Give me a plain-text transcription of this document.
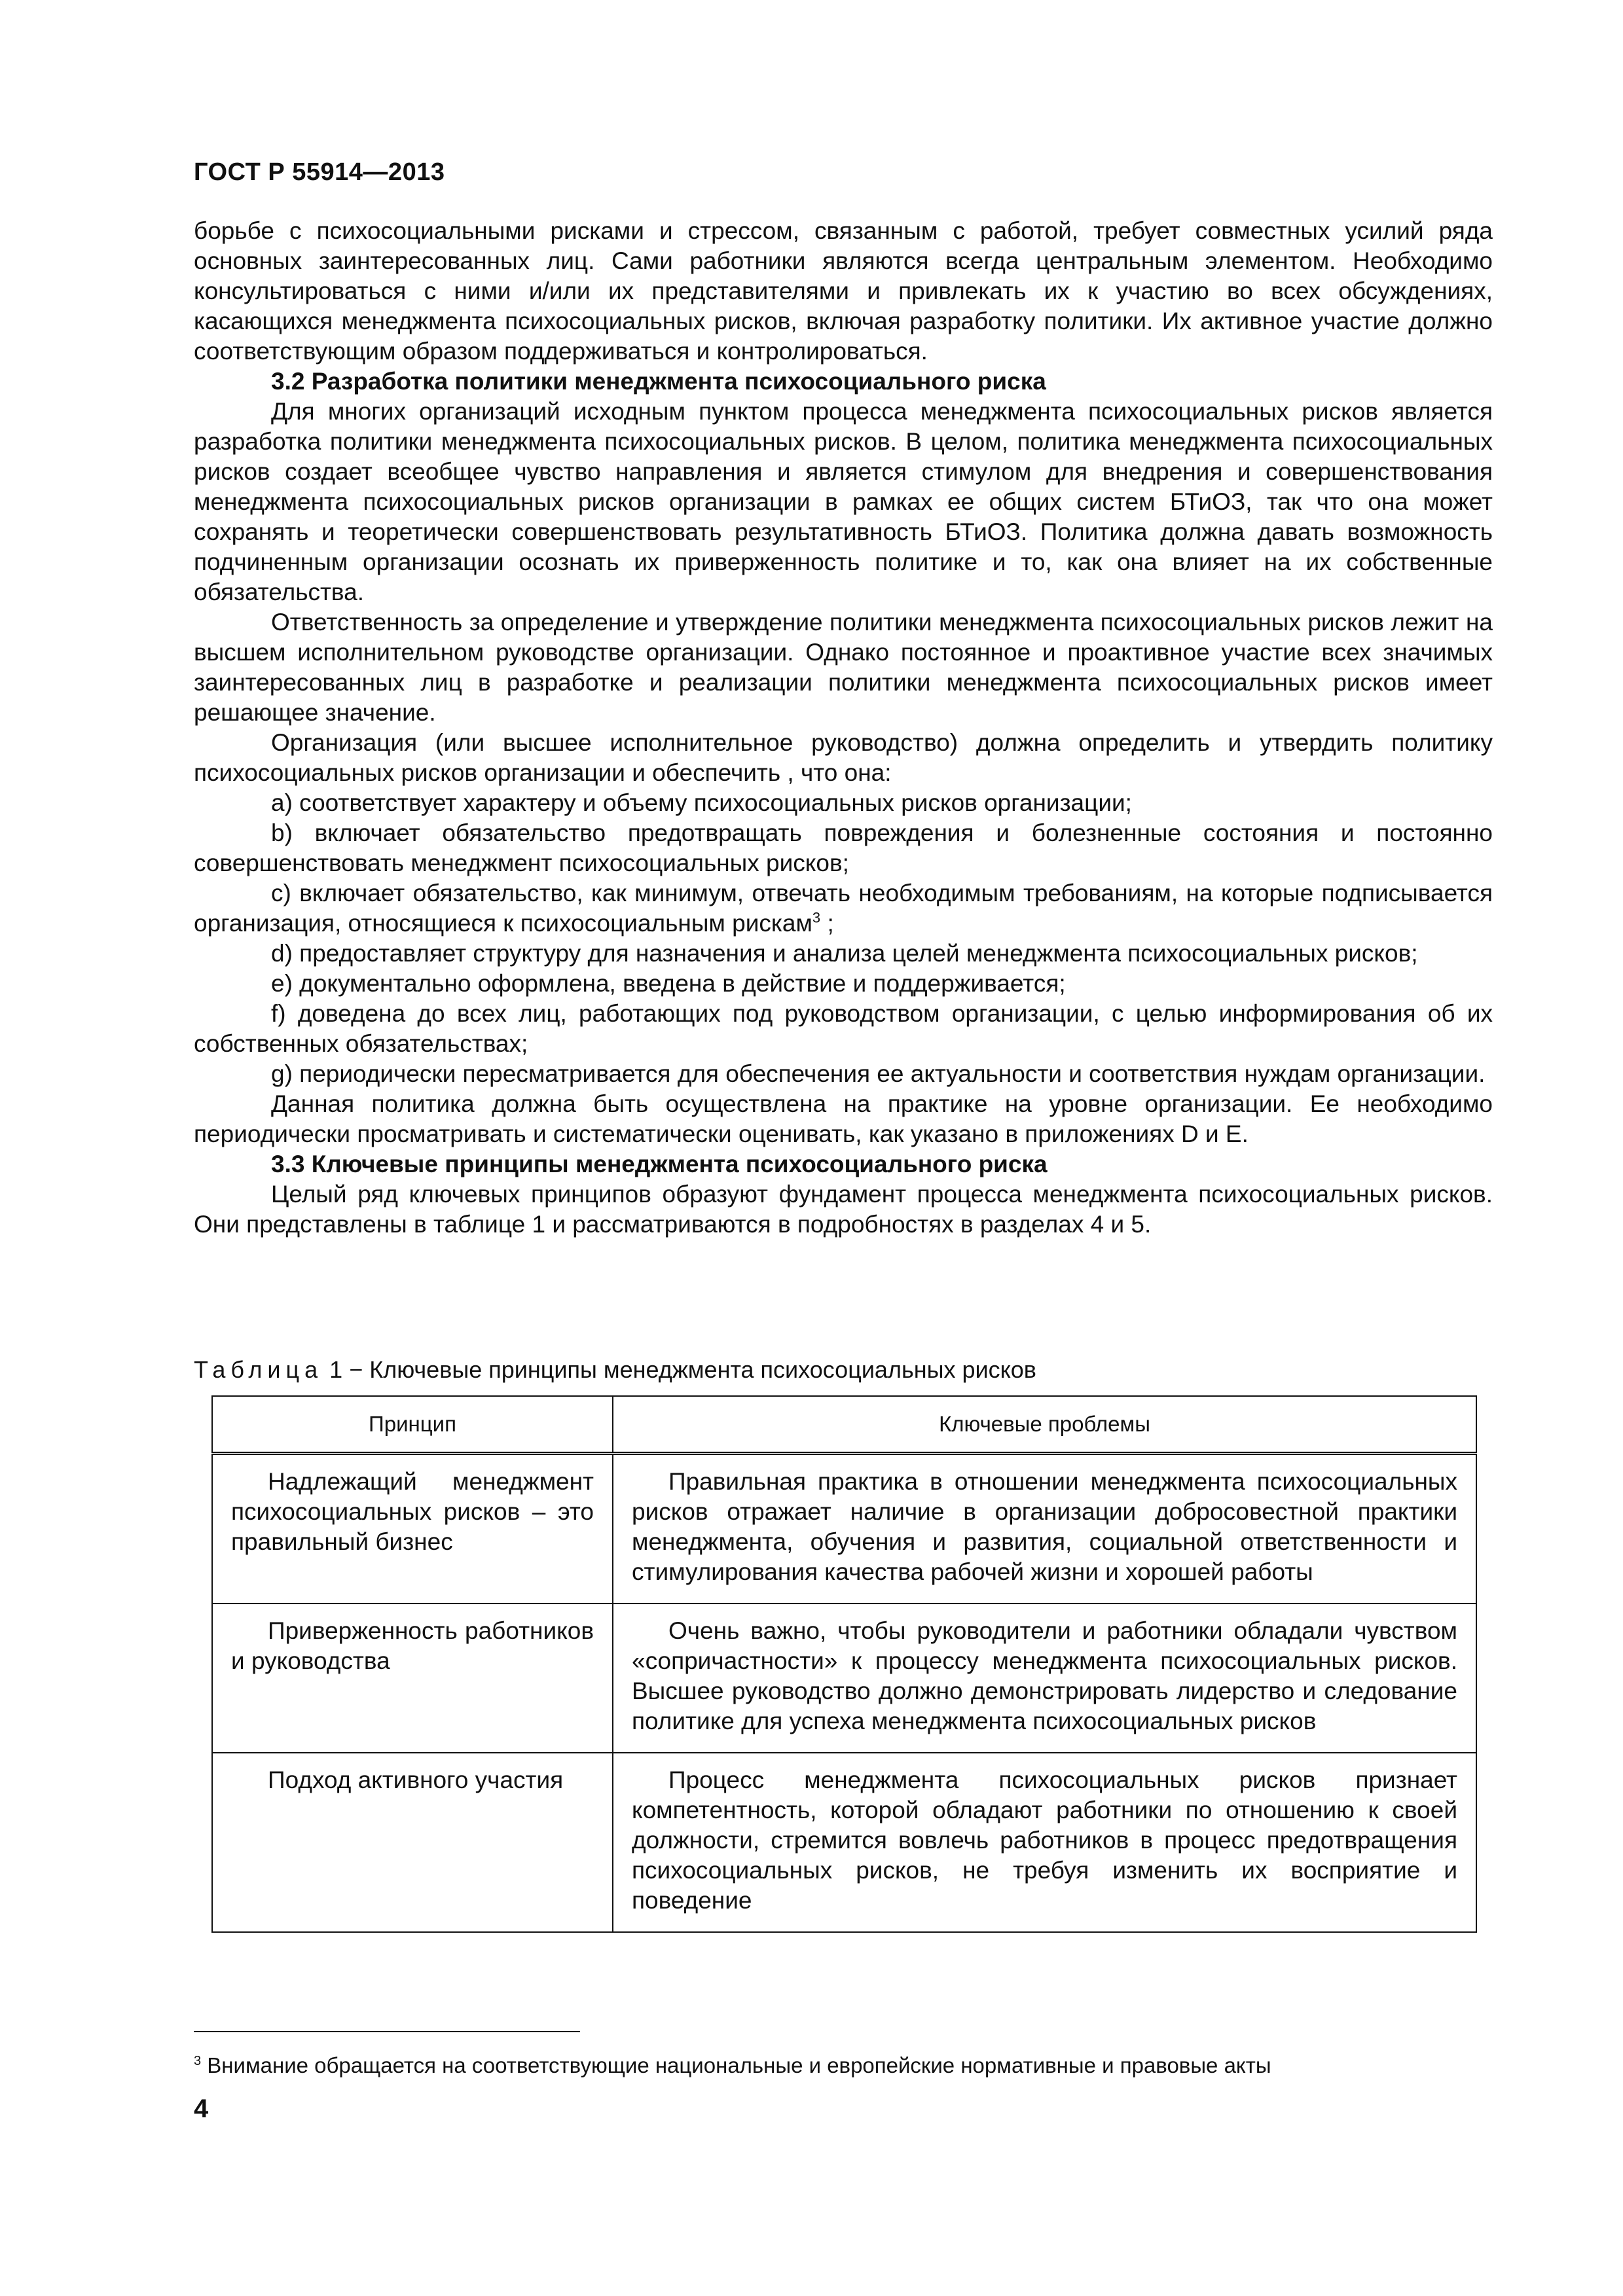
ГОСТ Р 55914—2013

борьбе с психосоциальными рисками и стрессом, связанным с работой, требует совместных усилий ряда основных заинтересованных лиц. Сами работники являются всегда центральным элементом. Необходимо консультироваться с ними и/или их представителями и привлекать их к участию во всех обсуждениях, касающихся менеджмента психосоциальных рисков, включая разработку политики. Их активное участие должно соответствующим образом поддерживаться и контролироваться.

3.2 Разработка политики менеджмента психосоциального риска

Для многих организаций исходным пунктом процесса менеджмента психосоциальных рисков является разработка политики менеджмента психосоциальных рисков. В целом, политика менеджмента психосоциальных рисков создает всеобщее чувство направления и является стимулом для внедрения и совершенствования менеджмента психосоциальных рисков организации в рамках ее общих систем БТиОЗ, так что она может сохранять и теоретически совершенствовать результативность БТиОЗ. Политика должна давать возможность подчиненным организации осознать их приверженность политике и то, как она влияет на их собственные обязательства.

Ответственность за определение и утверждение политики менеджмента психосоциальных рисков лежит на высшем исполнительном руководстве организации. Однако постоянное и проактивное участие всех значимых заинтересованных лиц в разработке и реализации политики менеджмента психосоциальных рисков имеет решающее значение.

Организация (или высшее исполнительное руководство) должна определить и утвердить политику психосоциальных рисков организации и обеспечить , что она:

a) соответствует характеру и объему психосоциальных рисков организации;

b) включает обязательство предотвращать повреждения и болезненные состояния и постоянно совершенствовать менеджмент психосоциальных рисков;

c) включает обязательство, как минимум, отвечать необходимым требованиям, на которые подписывается организация, относящиеся к психосоциальным рискам$^3$ ;

d) предоставляет структуру для назначения и анализа целей менеджмента психосоциальных рисков;

e) документально оформлена, введена в действие и поддерживается;

f) доведена до всех лиц, работающих под руководством организации, с целью информирования об их собственных обязательствах;

g) периодически пересматривается для обеспечения ее актуальности и соответствия нуждам организации.

Данная политика должна быть осуществлена на практике на уровне организации. Ее необходимо периодически просматривать и систематически оценивать, как указано в приложениях D и E.

3.3 Ключевые принципы менеджмента психосоциального риска

Целый ряд ключевых принципов образуют фундамент процесса менеджмента психосоциальных рисков. Они представлены в таблице 1 и рассматриваются в подробностях в разделах 4 и 5.

Таблица 1 − Ключевые принципы менеджмента психосоциальных рисков
Принцип	Ключевые проблемы
Надлежащий менеджмент психосоциальных рисков – это правильный бизнес	Правильная практика в отношении менеджмента психосоциальных рисков отражает наличие в организации добросовестной практики менеджмента, обучения и развития, социальной ответственности и стимулирования качества рабочей жизни и хорошей работы
Приверженность работников и руководства	Очень важно, чтобы руководители и работники обладали чувством «сопричастности» к процессу менеджмента психосоциальных рисков. Высшее руководство должно демонстрировать лидерство и следование политике для успеха менеджмента психосоциальных рисков
Подход активного участия	Процесс менеджмента психосоциальных рисков признает компетентность, которой обладают работники по отношению к своей должности, стремится вовлечь работников в процесс предотвращения психосоциальных рисков, не требуя изменить их восприятие и поведение
$^3$ Внимание обращается на соответствующие национальные и европейские нормативные и правовые акты
4
